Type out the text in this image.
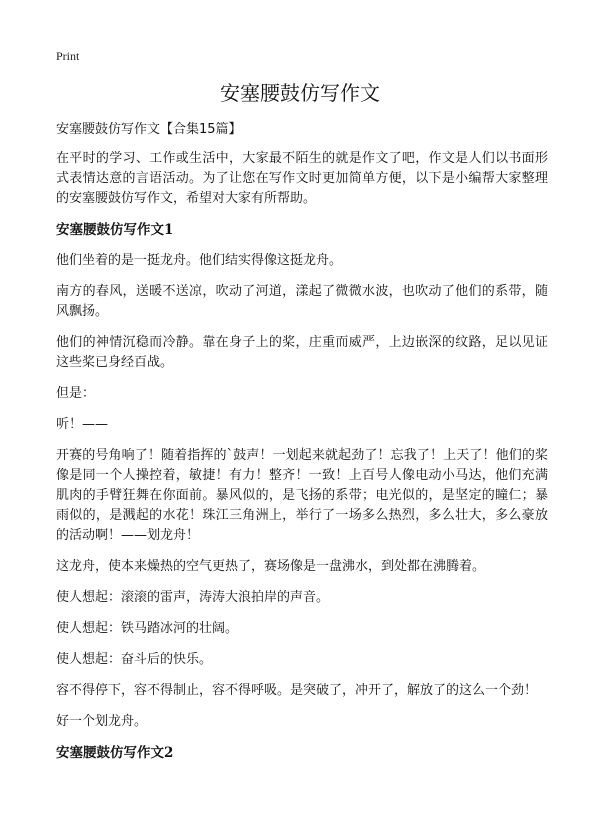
Print
安塞腰鼓仿写作文

安塞腰鼓仿写作文【合集15篇】

在平时的学习、工作或生活中，大家最不陌生的就是作文了吧，作文是人们以书面形式表情达意的言语活动。为了让您在写作文时更加简单方便，以下是小编帮大家整理的安塞腰鼓仿写作文，希望对大家有所帮助。

安塞腰鼓仿写作文1

他们坐着的是一挺龙舟。他们结实得像这挺龙舟。

南方的春风，送暖不送凉，吹动了河道，漾起了微微水波，也吹动了他们的系带，随风飘扬。

他们的神情沉稳而冷静。靠在身子上的桨，庄重而威严，上边嵌深的纹路，足以见证这些桨已身经百战。

但是：

听！——

开赛的号角响了！随着指挥的`鼓声！一划起来就起劲了！忘我了！上天了！他们的桨像是同一个人操控着，敏捷！有力！整齐！一致！上百号人像电动小马达，他们充满肌肉的手臂狂舞在你面前。暴风似的，是飞扬的系带；电光似的，是坚定的瞳仁；暴雨似的，是溅起的水花！珠江三角洲上，举行了一场多么热烈，多么壮大，多么豪放的活动啊！——划龙舟！

这龙舟，使本来燥热的空气更热了，赛场像是一盘沸水，到处都在沸腾着。

使人想起：滚滚的雷声，涛涛大浪拍岸的声音。

使人想起：铁马踏冰河的壮阔。

使人想起：奋斗后的快乐。

容不得停下，容不得制止，容不得呼吸。是突破了，冲开了，解放了的这么一个劲！

好一个划龙舟。

安塞腰鼓仿写作文2
